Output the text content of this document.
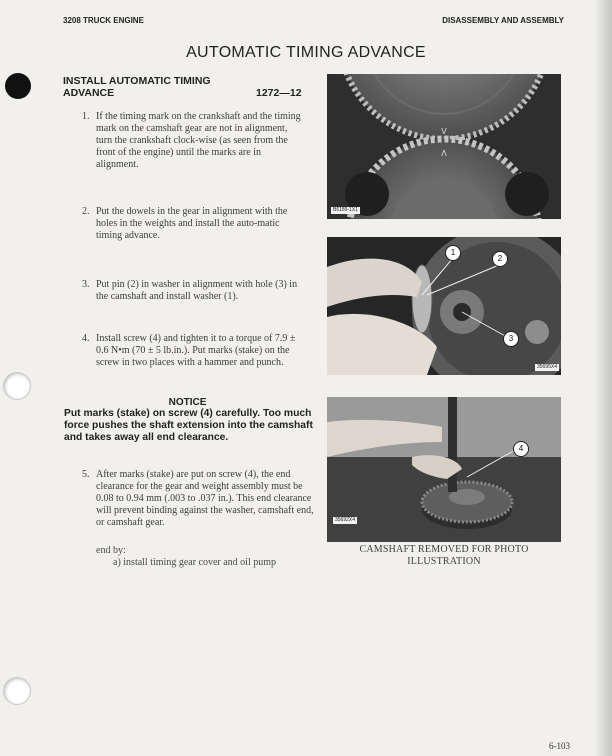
3208 TRUCK ENGINE	DISASSEMBLY AND ASSEMBLY
AUTOMATIC TIMING ADVANCE
INSTALL AUTOMATIC TIMING ADVANCE	1272—12
1. If the timing mark on the crankshaft and the timing mark on the camshaft gear are not in alignment, turn the crankshaft clock-wise (as seen from the front of the engine) until the marks are in alignment.
2. Put the dowels in the gear in alignment with the holes in the weights and install the auto-matic timing advance.
3. Put pin (2) in washer in alignment with hole (3) in the camshaft and install washer (1).
4. Install screw (4) and tighten it to a torque of 7.9 ± 0.6 N•m (70 ± 5 lb.in.). Put marks (stake) on the screw in two places with a hammer and punch.
NOTICE
Put marks (stake) on screw (4) carefully. Too much force pushes the shaft extension into the camshaft and takes away all end clearance.
5. After marks (stake) are put on screw (4), the end clearance for the gear and weight assembly must be 0.08 to 0.94 mm (.003 to .037 in.). This end clearance will prevent binding against the washer, camshaft end, or camshaft gear.
end by:
a) install timing gear cover and oil pump
V
Λ
B6189-1X1
1
2
3
35695X4
4
35692X4
CAMSHAFT REMOVED FOR PHOTO ILLUSTRATION
6-103
